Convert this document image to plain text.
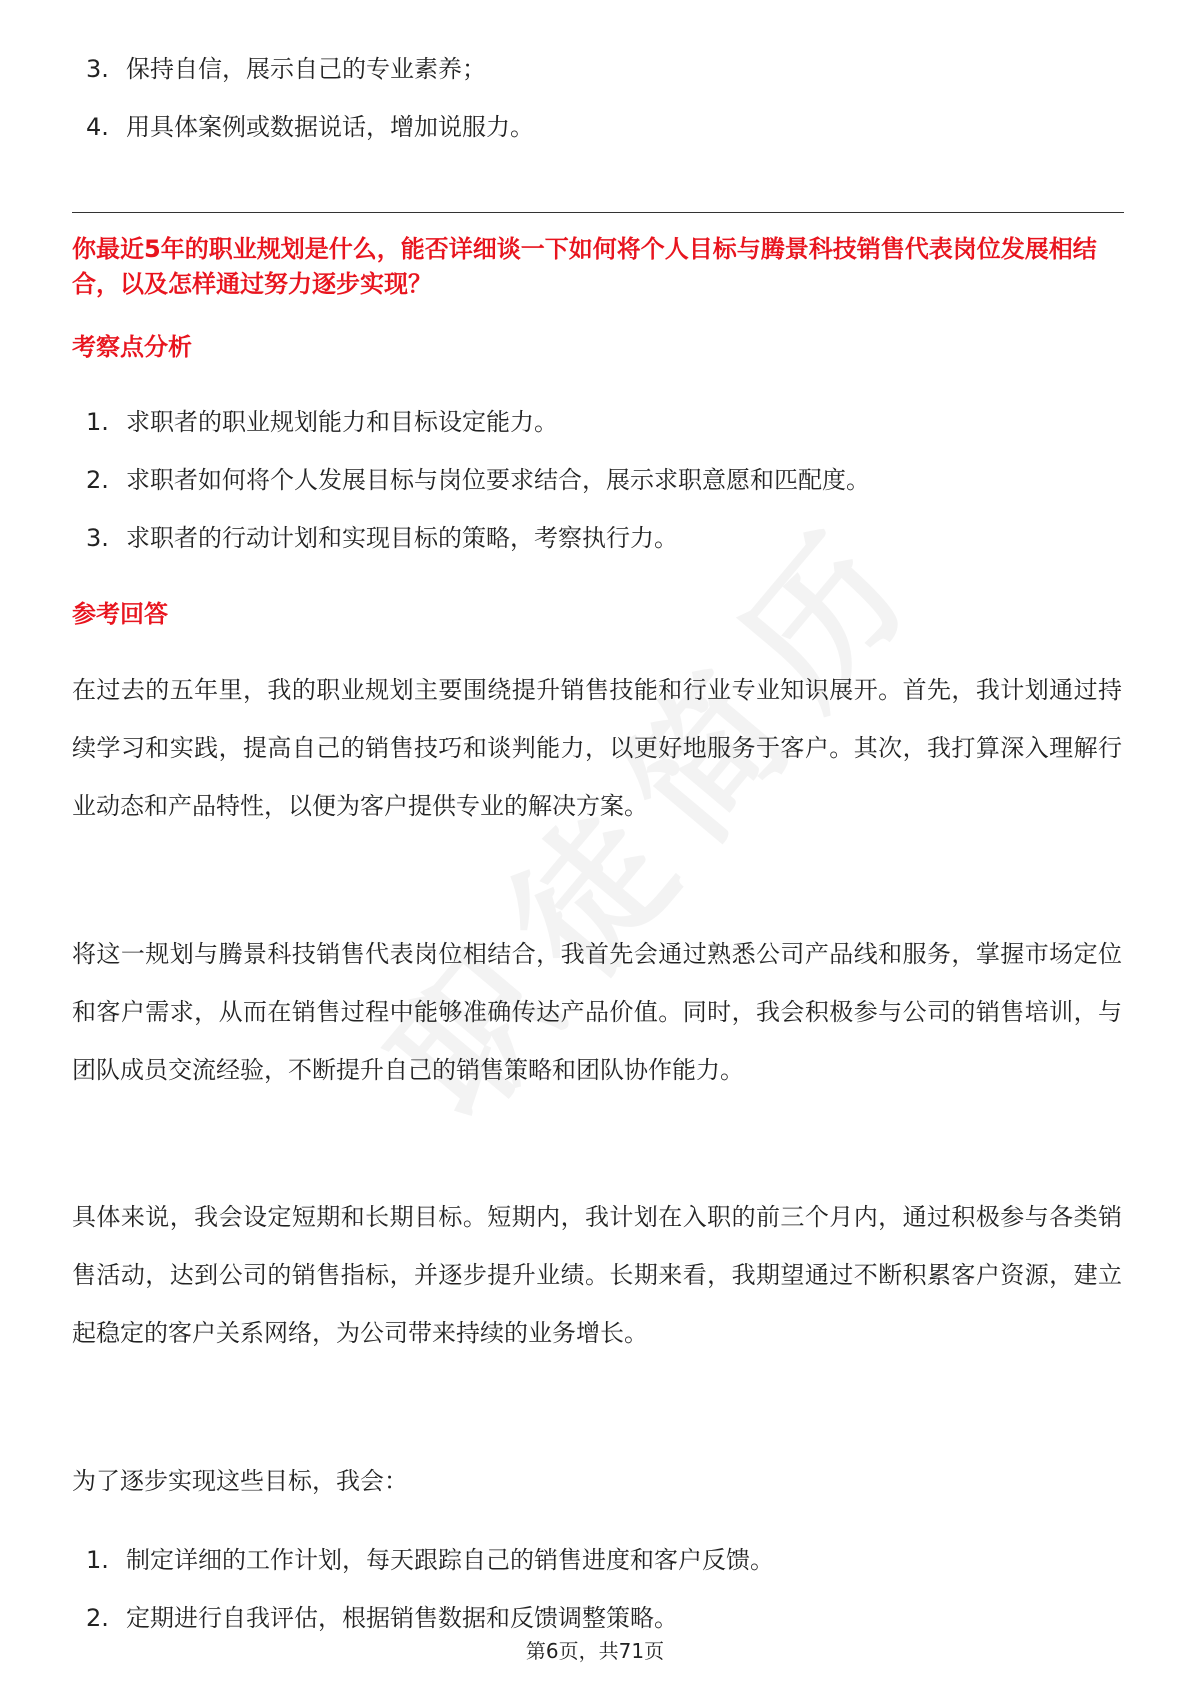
3. 保持自信，展示自己的专业素养；
4. 用具体案例或数据说话，增加说服力。

你最近5年的职业规划是什么，能否详细谈一下如何将个人目标与腾景科技销售代表岗位发展相结合，以及怎样通过努力逐步实现？

考察点分析
1. 求职者的职业规划能力和目标设定能力。
2. 求职者如何将个人发展目标与岗位要求结合，展示求职意愿和匹配度。
3. 求职者的行动计划和实现目标的策略，考察执行力。
参考回答

在过去的五年里，我的职业规划主要围绕提升销售技能和行业专业知识展开。首先，我计划通过持续学习和实践，提高自己的销售技巧和谈判能力，以更好地服务于客户。其次，我打算深入理解行业动态和产品特性，以便为客户提供专业的解决方案。

将这一规划与腾景科技销售代表岗位相结合，我首先会通过熟悉公司产品线和服务，掌握市场定位和客户需求，从而在销售过程中能够准确传达产品价值。同时，我会积极参与公司的销售培训，与团队成员交流经验，不断提升自己的销售策略和团队协作能力。

具体来说，我会设定短期和长期目标。短期内，我计划在入职的前三个月内，通过积极参与各类销售活动，达到公司的销售指标，并逐步提升业绩。长期来看，我期望通过不断积累客户资源，建立起稳定的客户关系网络，为公司带来持续的业务增长。

为了逐步实现这些目标，我会：

1. 制定详细的工作计划，每天跟踪自己的销售进度和客户反馈。
2. 定期进行自我评估，根据销售数据和反馈调整策略。
第6页，共71页
